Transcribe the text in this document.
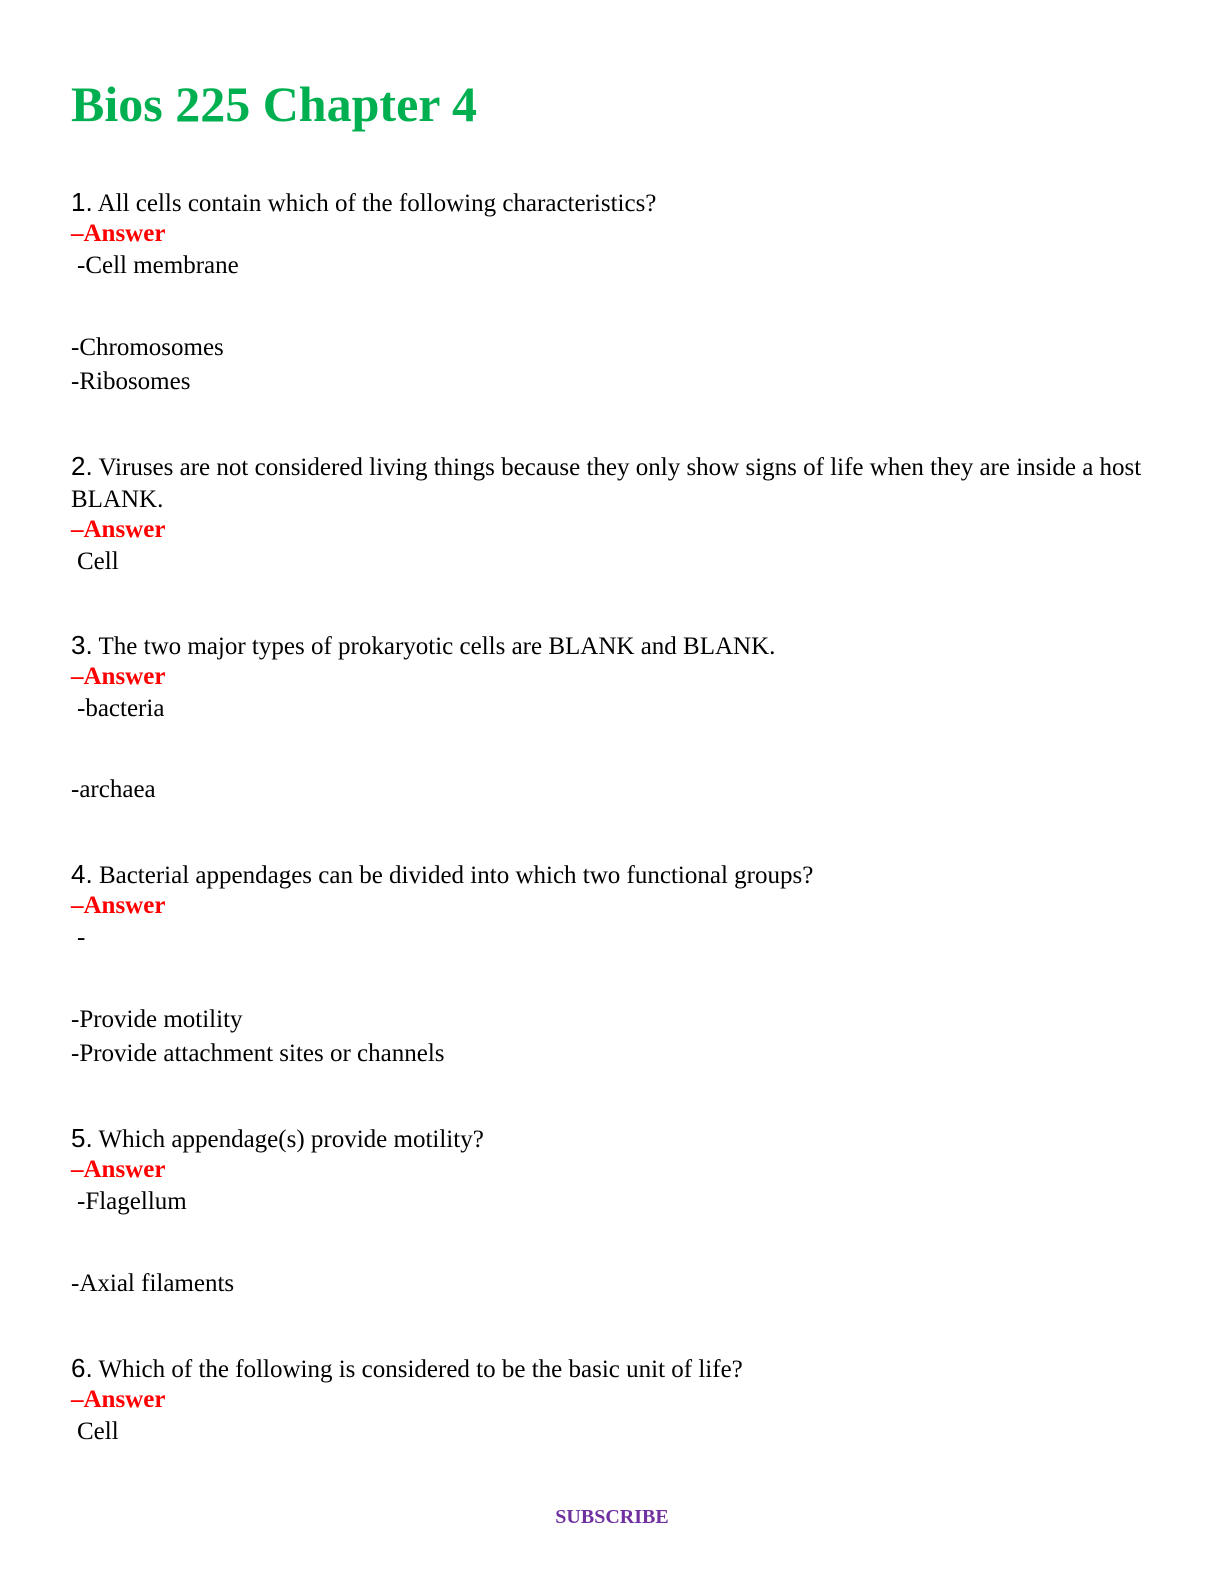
Bios 225 Chapter 4
1. All cells contain which of the following characteristics?
–Answer
-Cell membrane
-Chromosomes
-Ribosomes
2. Viruses are not considered living things because they only show signs of life when they are inside a host BLANK.
–Answer
Cell
3. The two major types of prokaryotic cells are BLANK and BLANK.
–Answer
-bacteria
-archaea
4. Bacterial appendages can be divided into which two functional groups?
–Answer
-
-Provide motility
-Provide attachment sites or channels
5. Which appendage(s) provide motility?
–Answer
-Flagellum
-Axial filaments
6. Which of the following is considered to be the basic unit of life?
–Answer
Cell
SUBSCRIBE
